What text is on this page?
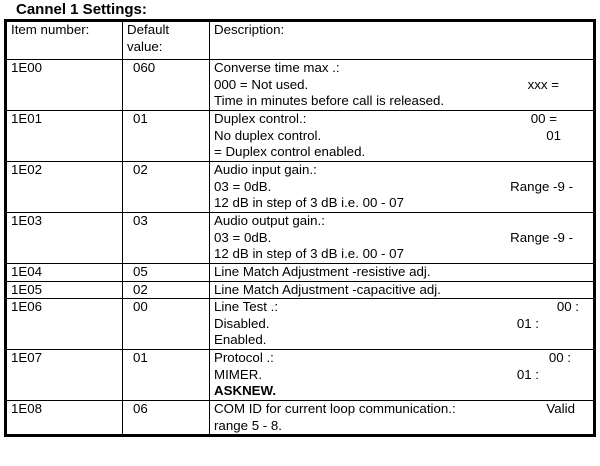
Cannel 1 Settings:
Item number:	Default
value:	Description:
1E00	060	Converse time max .:
000 = Not used. xxx =
Time in minutes before call is released.

1E01	01	Duplex control.: 00 =
No duplex control. 01
= Duplex control enabled.

1E02	02	Audio input gain.:
03 = 0dB. Range -9 -
12 dB in step of 3 dB i.e. 00 - 07

1E03	03	Audio output gain.:
03 = 0dB. Range -9 -
12 dB in step of 3 dB i.e. 00 - 07

1E04	05	Line Match Adjustment -resistive adj.

1E05	02	Line Match Adjustment -capacitive adj.

1E06	00	Line Test .: 00 :
Disabled. 01 :
Enabled.

1E07	01	Protocol .: 00 :
MIMER. 01 :
ASKNEW.

1E08	06	COM ID for current loop communication.: Valid
range 5 - 8.
